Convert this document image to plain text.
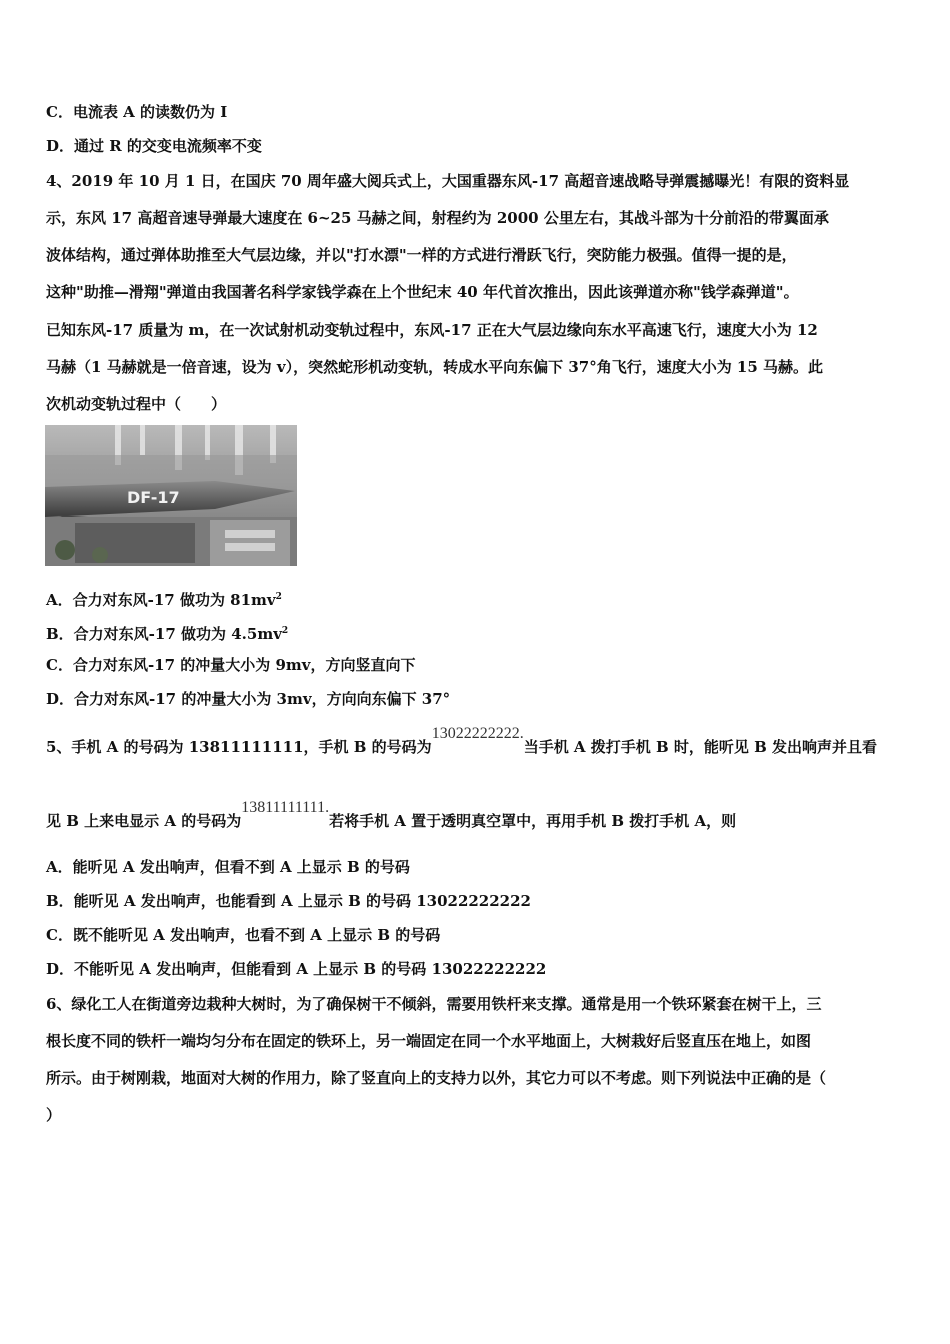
C．电流表 A 的读数仍为 I
D．通过 R 的交变电流频率不变
4、2019 年 10 月 1 日，在国庆 70 周年盛大阅兵式上，大国重器东风-17 高超音速战略导弹震撼曝光！有限的资料显
示，东风 17 高超音速导弹最大速度在 6~25 马赫之间，射程约为 2000 公里左右，其战斗部为十分前沿的带翼面承
波体结构，通过弹体助推至大气层边缘，并以"打水漂"一样的方式进行滑跃飞行，突防能力极强。值得一提的是，
这种"助推—滑翔"弹道由我国著名科学家钱学森在上个世纪末 40 年代首次推出，因此该弹道亦称"钱学森弹道"。
已知东风-17 质量为 m，在一次试射机动变轨过程中，东风-17 正在大气层边缘向东水平高速飞行，速度大小为 12
马赫（1 马赫就是一倍音速，设为 v），突然蛇形机动变轨，转成水平向东偏下 37°角飞行，速度大小为 15 马赫。此
次机动变轨过程中（　　）
DF-17
A．合力对东风-17 做功为 $81mv^2$
B．合力对东风-17 做功为 $4.5mv^2$
C．合力对东风-17 的冲量大小为 9mv，方向竖直向下
D．合力对东风-17 的冲量大小为 3mv，方向向东偏下 37°
5、手机 A 的号码为 13811111111，手机 B 的号码为13022222222.当手机 A 拨打手机 B 时，能听见 B 发出响声并且看
见 B 上来电显示 A 的号码为13811111111.若将手机 A 置于透明真空罩中，再用手机 B 拨打手机 A，则
A．能听见 A 发出响声，但看不到 A 上显示 B 的号码
B．能听见 A 发出响声，也能看到 A 上显示 B 的号码 13022222222
C．既不能听见 A 发出响声，也看不到 A 上显示 B 的号码
D．不能听见 A 发出响声，但能看到 A 上显示 B 的号码 13022222222
6、绿化工人在街道旁边栽种大树时，为了确保树干不倾斜，需要用铁杆来支撑。通常是用一个铁环紧套在树干上，三
根长度不同的铁杆一端均匀分布在固定的铁环上，另一端固定在同一个水平地面上，大树栽好后竖直压在地上，如图
所示。由于树刚栽，地面对大树的作用力，除了竖直向上的支持力以外，其它力可以不考虑。则下列说法中正确的是（
）
